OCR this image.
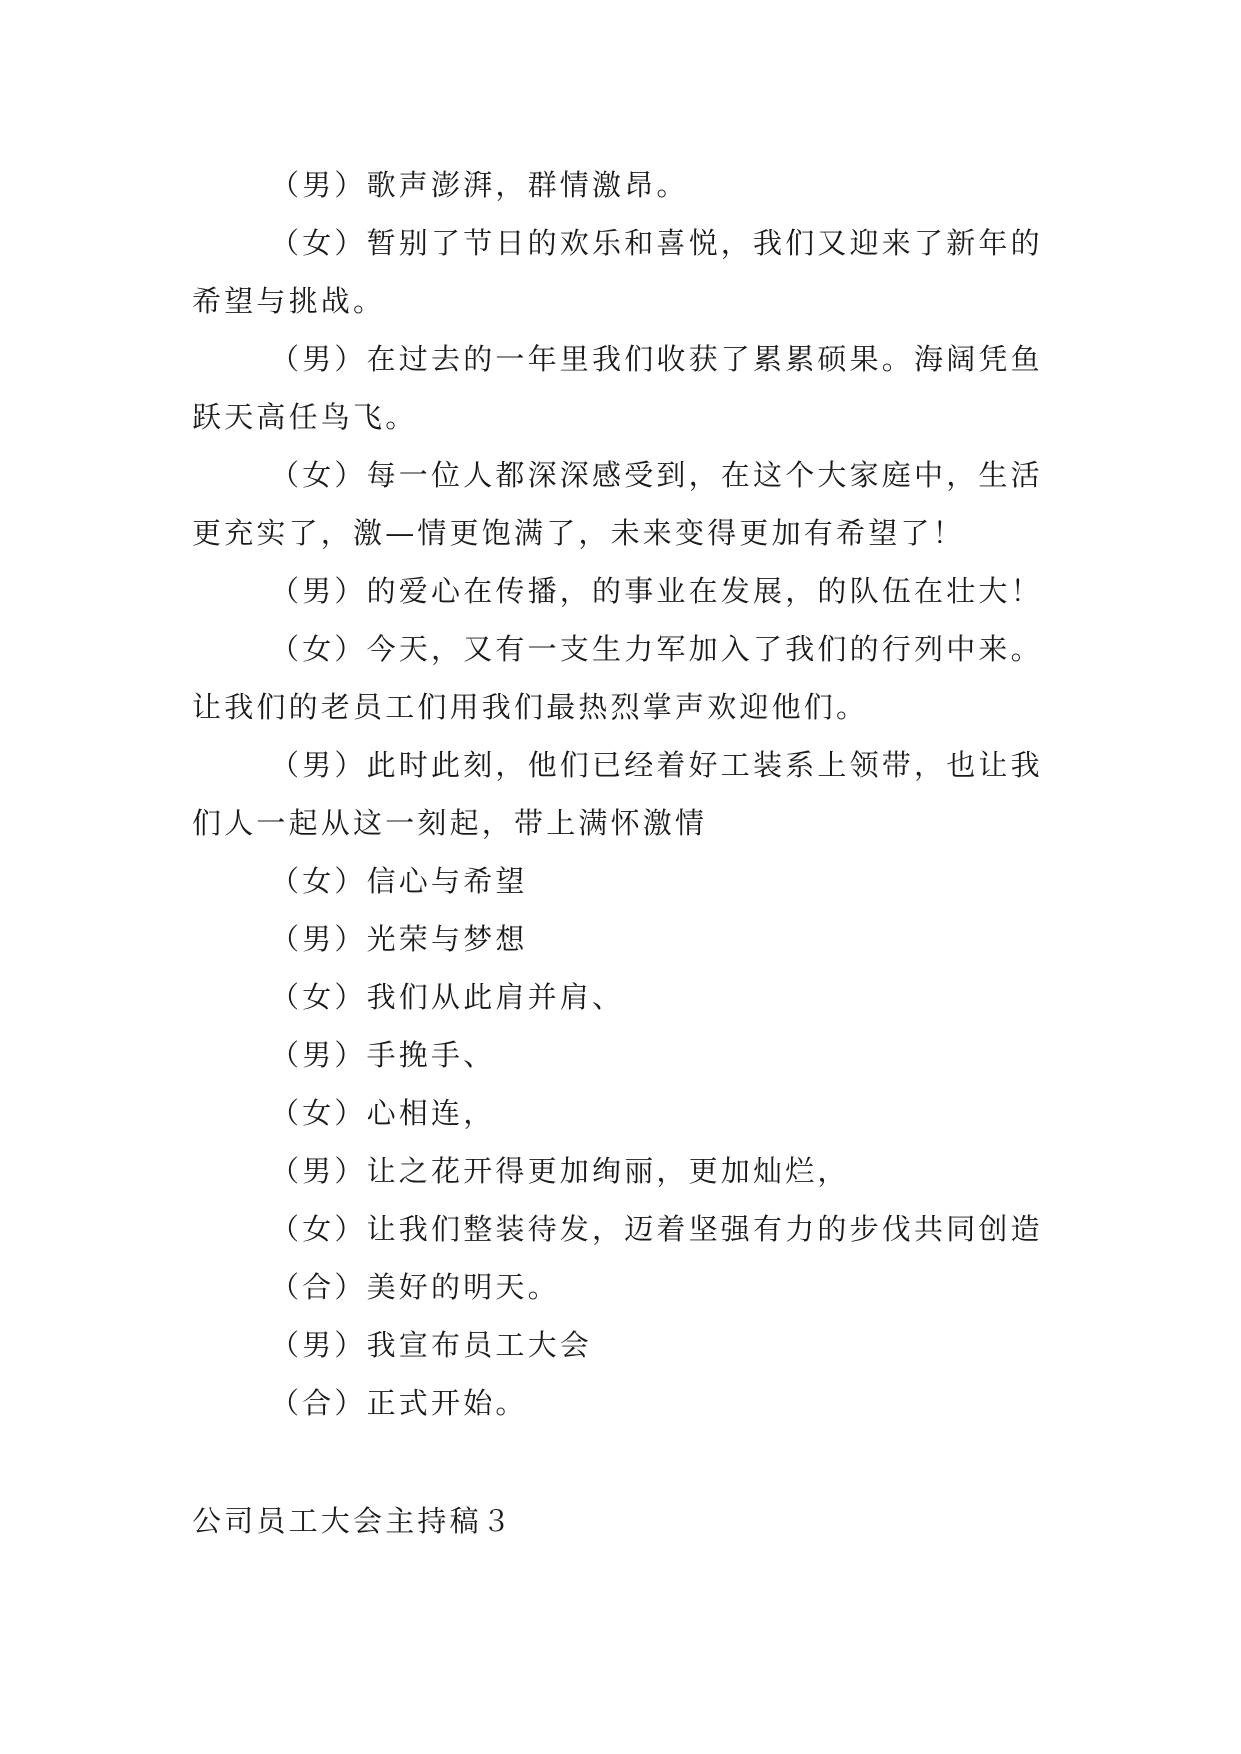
（男）歌声澎湃，群情激昂。

（女）暂别了节日的欢乐和喜悦，我们又迎来了新年的希望与挑战。

（男）在过去的一年里我们收获了累累硕果。海阔凭鱼跃天高任鸟飞。

（女）每一位人都深深感受到，在这个大家庭中，生活更充实了，激—情更饱满了，未来变得更加有希望了！

（男）的爱心在传播，的事业在发展，的队伍在壮大！

（女）今天，又有一支生力军加入了我们的行列中来。让我们的老员工们用我们最热烈掌声欢迎他们。

（男）此时此刻，他们已经着好工装系上领带，也让我们人一起从这一刻起，带上满怀激情

（女）信心与希望

（男）光荣与梦想

（女）我们从此肩并肩、

（男）手挽手、

（女）心相连，

（男）让之花开得更加绚丽，更加灿烂，

（女）让我们整装待发，迈着坚强有力的步伐共同创造

（合）美好的明天。

（男）我宣布员工大会

（合）正式开始。

公司员工大会主持稿３
